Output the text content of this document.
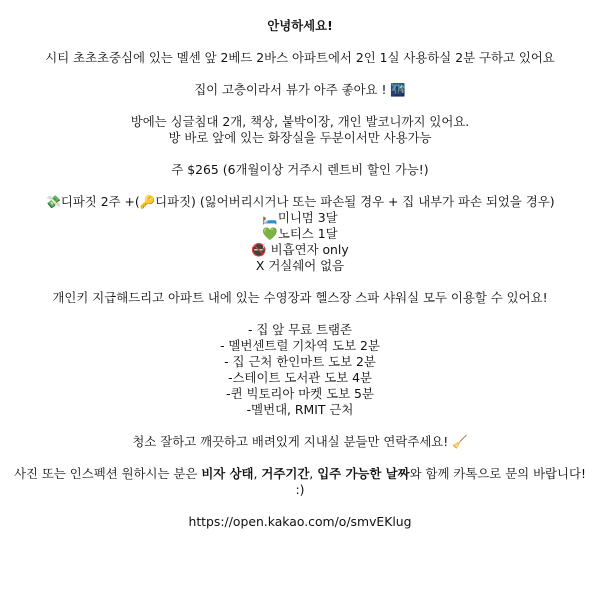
안녕하세요!

시티 초초초중심에 있는 멜센 앞 2베드 2바스 아파트에서 2인 1실 사용하실 2분 구하고 있어요

집이 고층이라서 뷰가 아주 좋아요 ! 🌃

방에는 싱글침대 2개, 책상, 붙박이장, 개인 발코니까지 있어요.

방 바로 앞에 있는 화장실을 두분이서만 사용가능

주 $265 (6개월이상 거주시 렌트비 할인 가능!)

💸디파짓 2주 +(🔑디파짓) (잃어버리시거나 또는 파손될 경우 + 집 내부가 파손 되었을 경우)

🛏️미니멈 3달

💚노티스 1달

🚭 비흡연자 only

X 거실쉐어 없음

개인키 지급해드리고 아파트 내에 있는 수영장과 헬스장 스파 샤워실 모두 이용할 수 있어요!

- 집 앞 무료 트램존

- 멜번센트럴 기차역 도보 2분

- 집 근처 한인마트 도보 2분

-스테이트 도서관 도보 4분

-퀸 빅토리아 마켓 도보 5분

-멜번대, RMIT 근처

청소 잘하고 깨끗하고 배려있게 지내실 분들만 연락주세요! 🧹

사진 또는 인스펙션 원하시는 분은 비자 상태, 거주기간, 입주 가능한 날짜와 함께 카톡으로 문의 바랍니다! :)

https://open.kakao.com/o/smvEKlug
